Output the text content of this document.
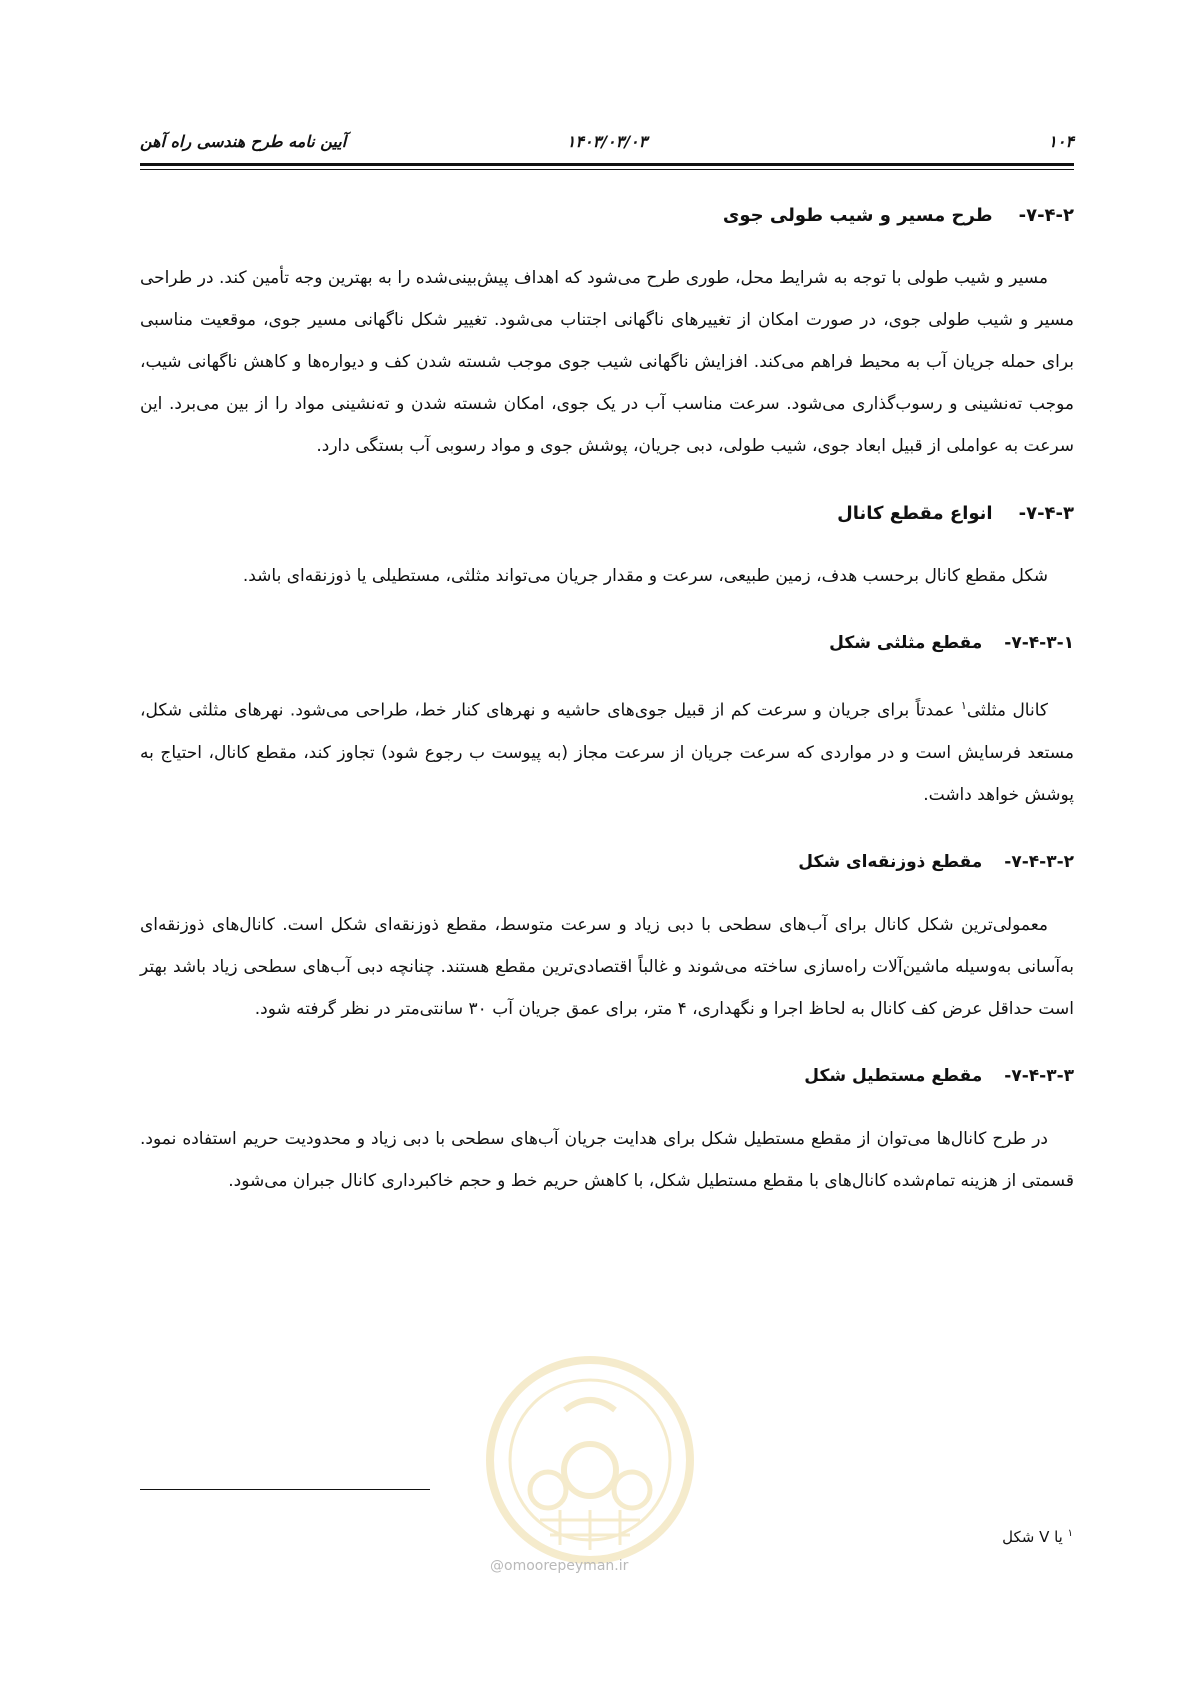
۱۰۴
۱۴۰۳/۰۳/۰۳
آیین نامه طرح هندسی راه آهن
۷-۴-۲-
طرح مسیر و شیب طولی جوی

مسیر و شیب طولی با توجه به شرایط محل، طوری طرح می‌شود که اهداف پیش‌بینی‌شده را به بهترین وجه تأمین کند. در طراحی مسیر و شیب طولی جوی، در صورت امکان از تغییرهای ناگهانی اجتناب می‌شود. تغییر شکل ناگهانی مسیر جوی، موقعیت مناسبی برای حمله جریان آب به محیط فراهم می‌کند. افزایش ناگهانی شیب جوی موجب شسته شدن کف و دیواره‌ها و کاهش ناگهانی شیب، موجب ته‌نشینی و رسوب‌گذاری می‌شود. سرعت مناسب آب در یک جوی، امکان شسته شدن و ته‌نشینی مواد را از بین می‌برد. این سرعت به عواملی از قبیل ابعاد جوی، شیب طولی، دبی جریان، پوشش جوی و مواد رسوبی آب بستگی دارد.

۷-۴-۳-
انواع مقطع کانال

شکل مقطع کانال برحسب هدف، زمین طبیعی، سرعت و مقدار جریان می‌تواند مثلثی، مستطیلی یا ذوزنقه‌ای باشد.

۷-۴-۳-۱-
مقطع مثلثی شکل

کانال مثلثی$^۱$ عمدتاً برای جریان و سرعت کم از قبیل جوی‌های حاشیه و نهرهای کنار خط، طراحی می‌شود. نهرهای مثلثی شکل، مستعد فرسایش است و در مواردی که سرعت جریان از سرعت مجاز (به پیوست ب رجوع شود) تجاوز کند، مقطع کانال، احتیاج به پوشش خواهد داشت.

۷-۴-۳-۲-
مقطع ذوزنقه‌ای شکل

معمولی‌ترین شکل کانال برای آب‌های سطحی با دبی زیاد و سرعت متوسط، مقطع ذوزنقه‌ای شکل است. کانال‌های ذوزنقه‌ای به‌آسانی به‌وسیله ماشین‌آلات راه‌سازی ساخته می‌شوند و غالباً اقتصادی‌ترین مقطع هستند. چنانچه دبی آب‌های سطحی زیاد باشد بهتر است حداقل عرض کف کانال به لحاظ اجرا و نگهداری، ۴ متر، برای عمق جریان آب ۳۰ سانتی‌متر در نظر گرفته شود.

۷-۴-۳-۳-
مقطع مستطیل شکل

در طرح کانال‌ها می‌توان از مقطع مستطیل شکل برای هدایت جریان آب‌های سطحی با دبی زیاد و محدودیت حریم استفاده نمود. قسمتی از هزینه تمام‌شده کانال‌های با مقطع مستطیل شکل، با کاهش حریم خط و حجم خاکبرداری کانال جبران می‌شود.

@omoorepeyman.ir
$^۱$ یا V شکل
